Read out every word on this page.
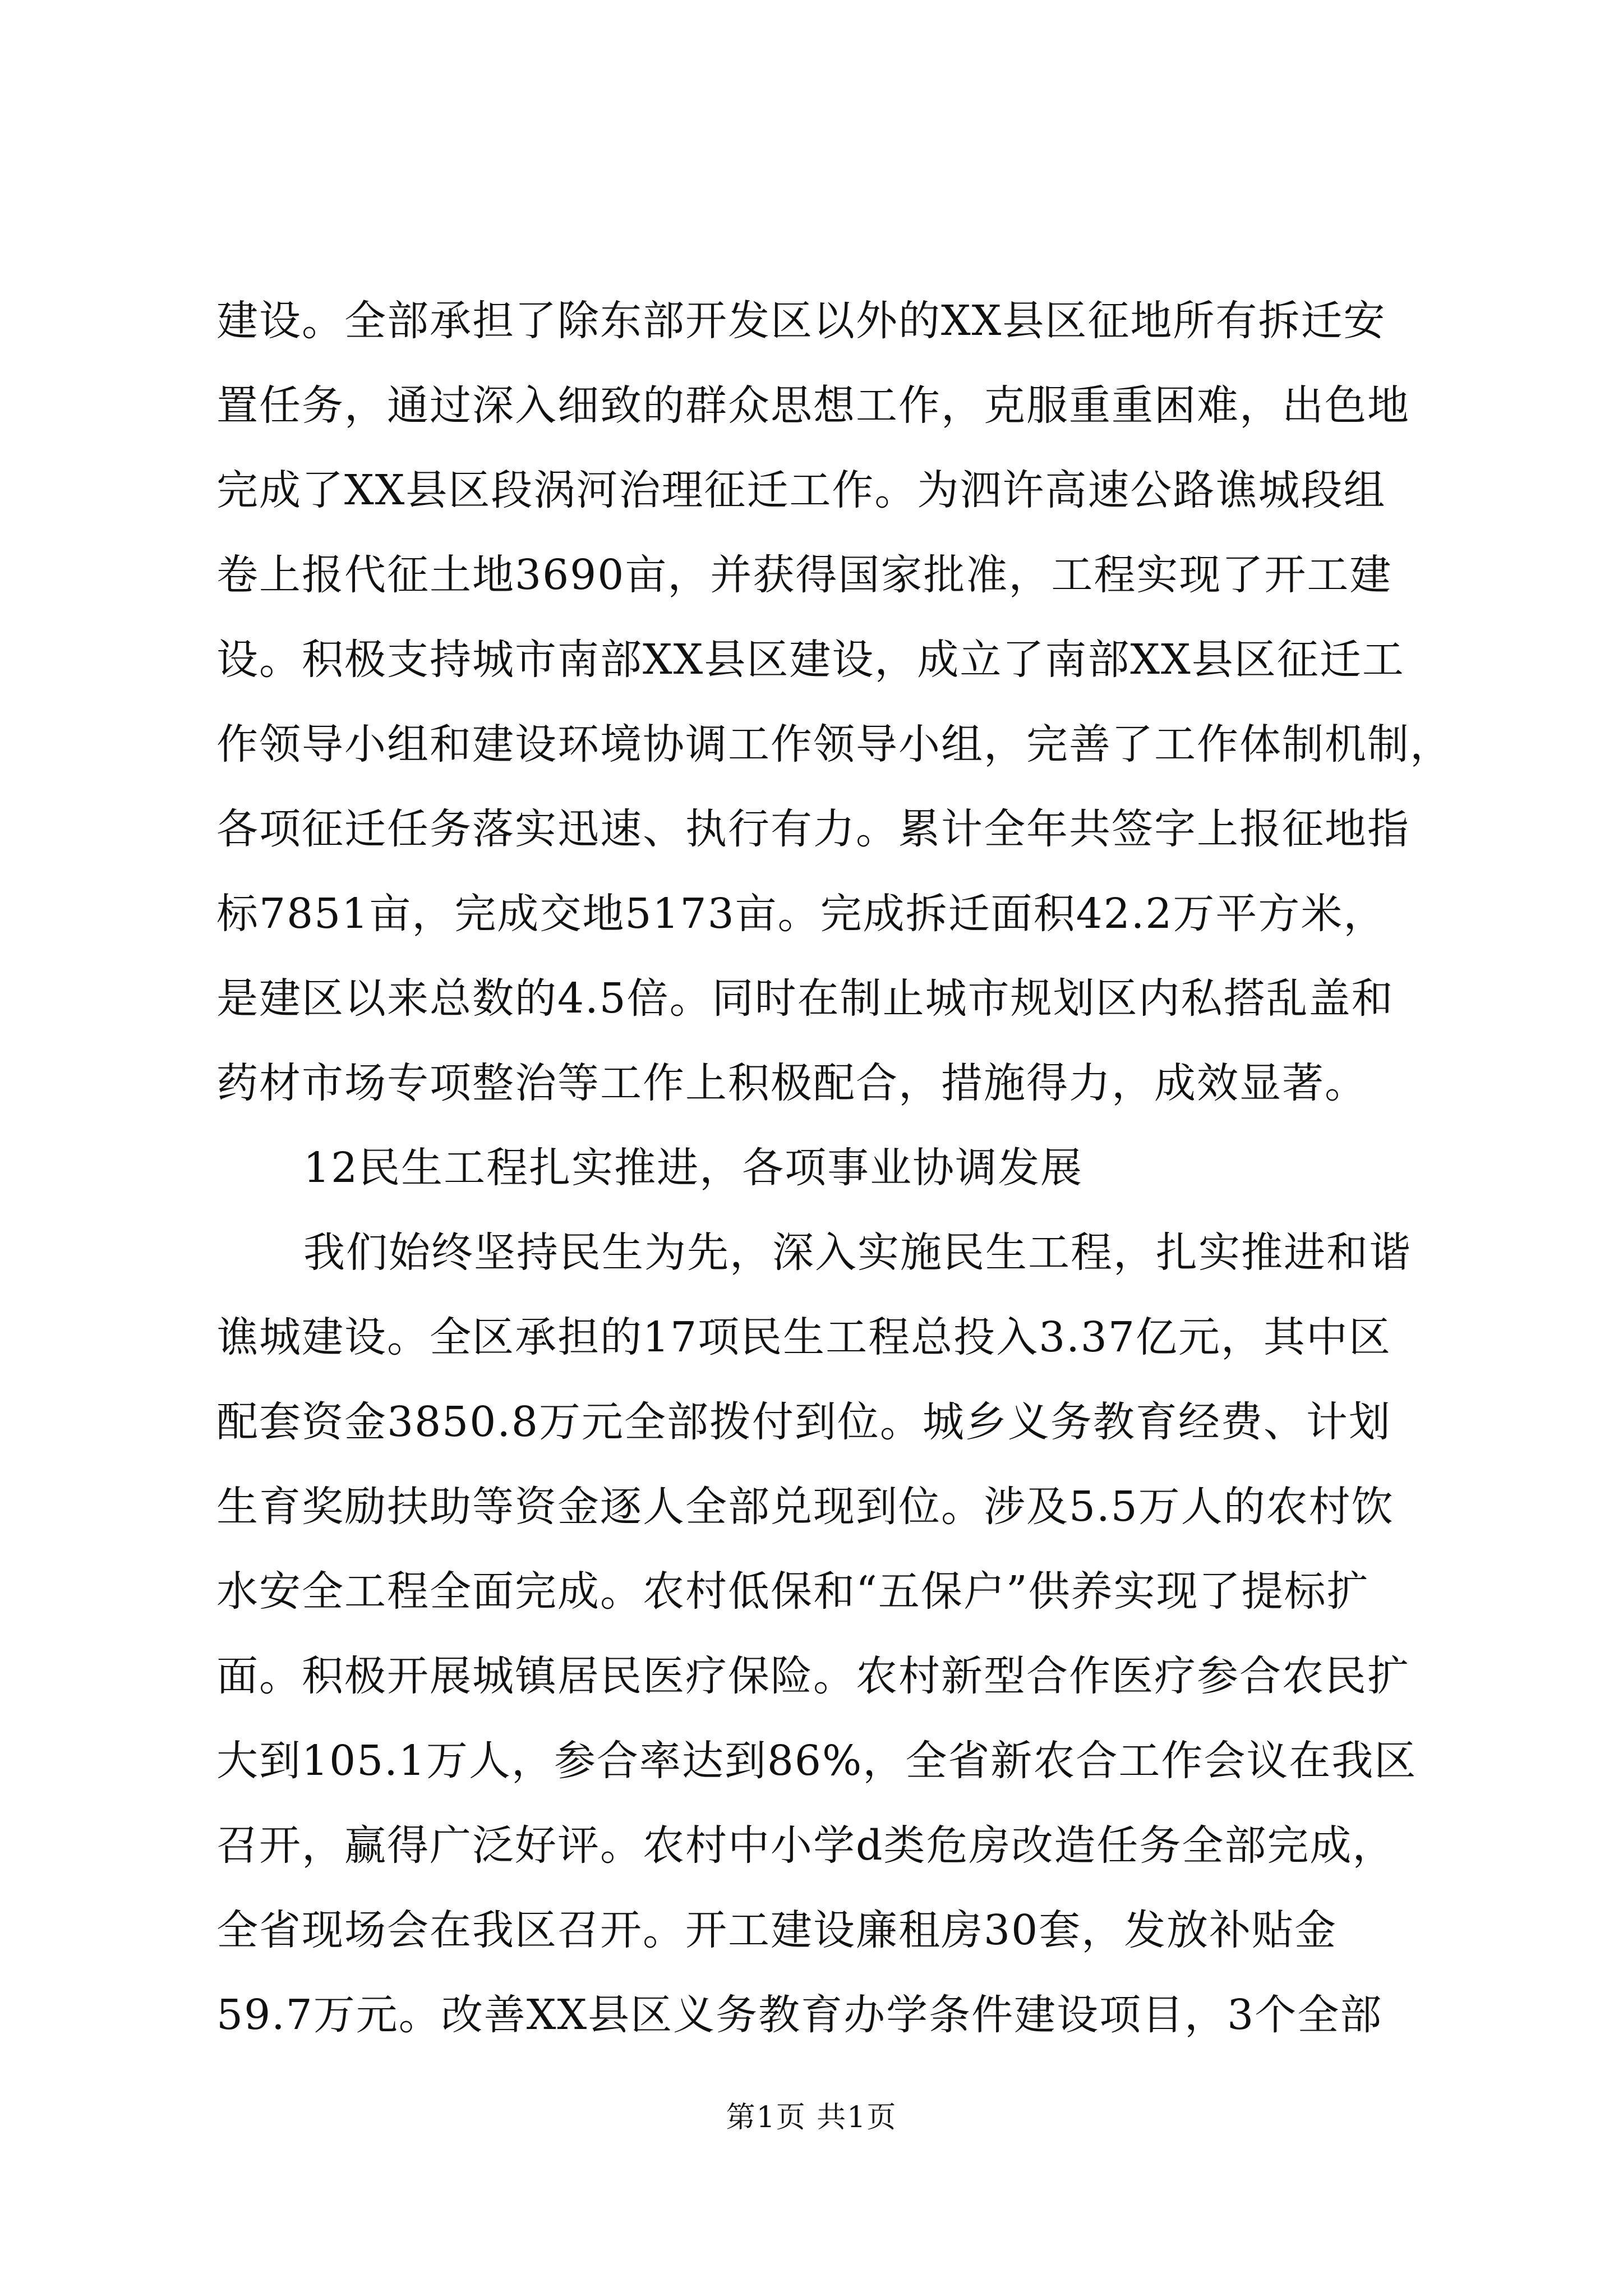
建设。全部承担了除东部开发区以外的XX县区征地所有拆迁安
置任务，通过深入细致的群众思想工作，克服重重困难，出色地
完成了XX县区段涡河治理征迁工作。为泗许高速公路谯城段组
卷上报代征土地3690亩，并获得国家批准，工程实现了开工建
设。积极支持城市南部XX县区建设，成立了南部XX县区征迁工
作领导小组和建设环境协调工作领导小组，完善了工作体制机制，
各项征迁任务落实迅速、执行有力。累计全年共签字上报征地指
标7851亩，完成交地5173亩。完成拆迁面积42.2万平方米，
是建区以来总数的4.5倍。同时在制止城市规划区内私搭乱盖和
药材市场专项整治等工作上积极配合，措施得力，成效显著。
12民生工程扎实推进，各项事业协调发展
我们始终坚持民生为先，深入实施民生工程，扎实推进和谐
谯城建设。全区承担的17项民生工程总投入3.37亿元，其中区
配套资金3850.8万元全部拨付到位。城乡义务教育经费、计划
生育奖励扶助等资金逐人全部兑现到位。涉及5.5万人的农村饮
水安全工程全面完成。农村低保和“五保户”供养实现了提标扩
面。积极开展城镇居民医疗保险。农村新型合作医疗参合农民扩
大到105.1万人，参合率达到86%，全省新农合工作会议在我区
召开，赢得广泛好评。农村中小学d类危房改造任务全部完成，
全省现场会在我区召开。开工建设廉租房30套，发放补贴金
59.7万元。改善XX县区义务教育办学条件建设项目，3个全部
第1页 共1页
